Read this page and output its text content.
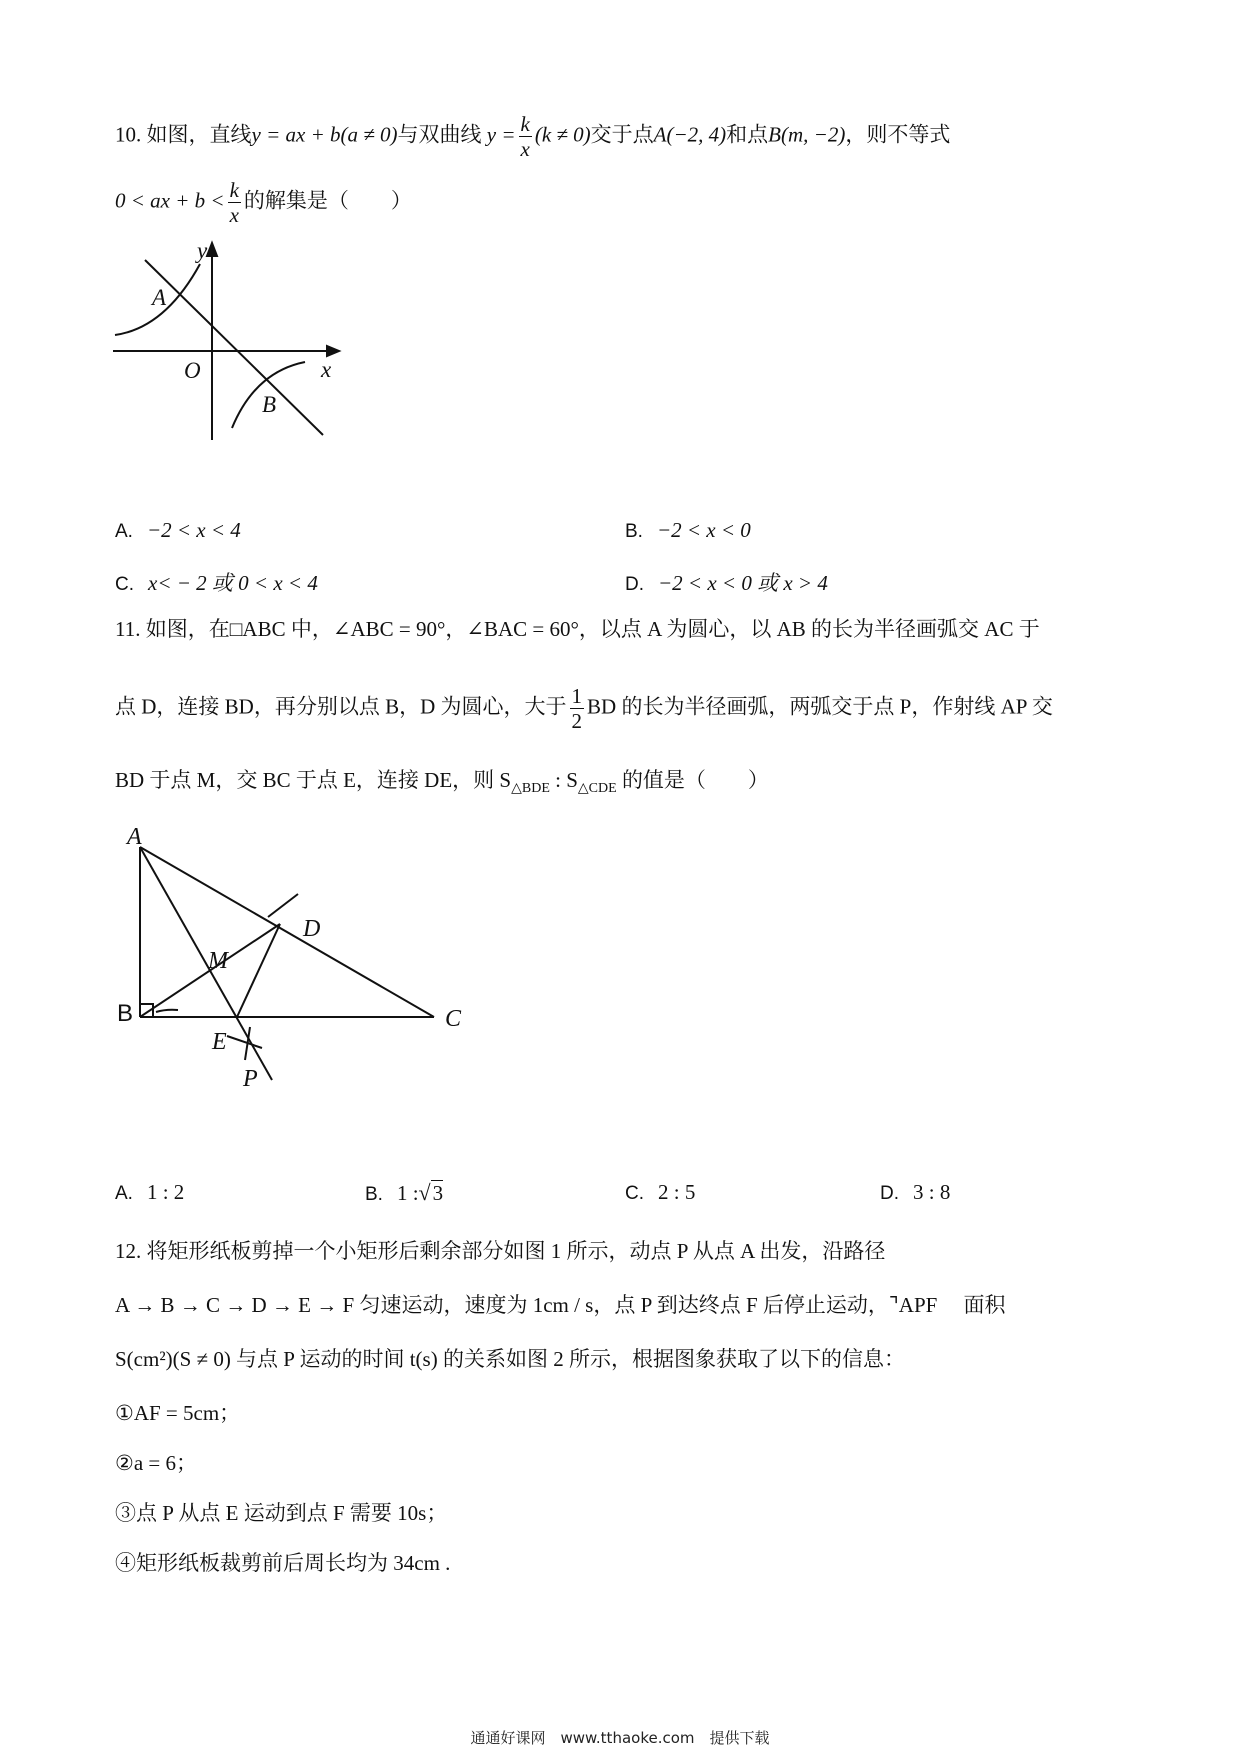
10. 如图，直线y = ax + b(a ≠ 0)与双曲线 $y = \frac{k}{x} (k \ne 0)$交于点A(−2, 4)和点B(m, −2)，则不等式
0 < ax + $b < \frac{k}{x}$ 的解集是（　　）
y
x
O
A
B
A. −2 < x < 4	B. −2 < x < 0
C. x< − 2 或 0 < x < 4	D. −2 < x < 0 或 x > 4
11. 如图，在□ABC 中，∠ABC = 90°，∠BAC = 60°，以点 A 为圆心，以 AB 的长为半径画弧交 AC 于
点 D，连接 BD，再分别以点 B，D 为圆心，大于 $\frac{1}{2}$ BD 的长为半径画弧，两弧交于点 P，作射线 AP 交
BD 于点 M，交 BC 于点 E，连接 DE，则 $S_{\triangle BDE}$ : $S_{\triangle CDE}$ 的值是（　　）
A
B	C
D
E
M
P
A. 1 : 2	B. 1 :√3	C. 2 : 5	D. 3 : 8
12. 将矩形纸板剪掉一个小矩形后剩余部分如图 1 所示，动点 P 从点 A 出发，沿路径
A → B → C → D → E → F 匀速运动，速度为 1cm / s，点 P 到达终点 F 后停止运动，⌝APF　 面积
S(cm²)(S ≠ 0) 与点 P 运动的时间 t(s) 的关系如图 2 所示，根据图象获取了以下的信息：
①AF = 5cm；
②a = 6；
③点 P 从点 E 运动到点 F 需要 10s；
④矩形纸板裁剪前后周长均为 34cm .
通通好课网　www.tthaoke.com　提供下载
